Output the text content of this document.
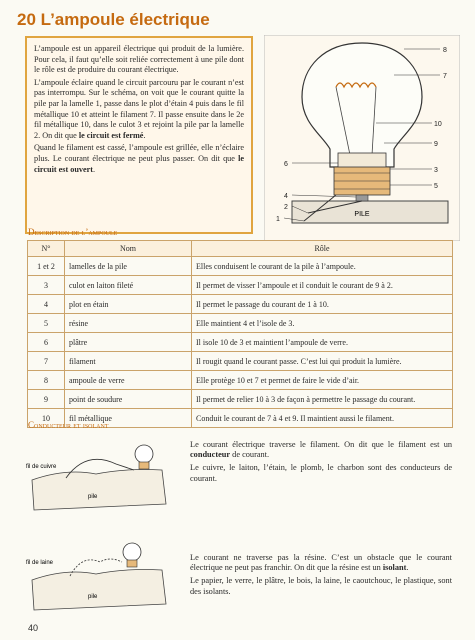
20 L’ampoule électrique

L’ampoule est un appareil électrique qui produit de la lumière. Pour cela, il faut qu’elle soit reliée correctement à une pile dont le rôle est de produire du courant électrique.

L’ampoule éclaire quand le circuit parcouru par le courant n’est pas interrompu. Sur le schéma, on voit que le courant quitte la pile par la lamelle 1, passe dans le plot d’étain 4 puis dans le fil métallique 10 et atteint le filament 7. Il passe ensuite dans le 2e fil métallique 10, dans le culot 3 et rejoint la pile par la lamelle 2. On dit que le circuit est fermé.

Quand le filament est cassé, l’ampoule est grillée, elle n’éclaire plus. Le courant électrique ne peut plus passer. On dit que le circuit est ouvert.

PILE
8
7
10
9
6
3
5
4
2
1
Description de l’ampoule
N°	Nom	Rôle
1 et 2	lamelles de la pile	Elles conduisent le courant de la pile à l’ampoule.
3	culot en laiton fileté	Il permet de visser l’ampoule et il conduit le courant de 9 à 2.
4	plot en étain	Il permet le passage du courant de 1 à 10.
5	résine	Elle maintient 4 et l’isole de 3.
6	plâtre	Il isole 10 de 3 et maintient l’ampoule de verre.
7	filament	Il rougit quand le courant passe. C’est lui qui produit la lumière.
8	ampoule de verre	Elle protège 10 et 7 et permet de faire le vide d’air.
9	point de soudure	Il permet de relier 10 à 3 de façon à permettre le passage du courant.
10	fil métallique	Conduit le courant de 7 à 4 et 9. Il maintient aussi le filament.
Conducteur et isolant
fil de cuivre
pile

Le courant électrique traverse le filament. On dit que le filament est un conducteur de courant.

Le cuivre, le laiton, l’étain, le plomb, le charbon sont des conducteurs de courant.

fil de laine
pile

Le courant ne traverse pas la résine. C’est un obstacle que le courant électrique ne peut pas franchir. On dit que la résine est un isolant.

Le papier, le verre, le plâtre, le bois, la laine, le caoutchouc, le plastique, sont des isolants.

40
